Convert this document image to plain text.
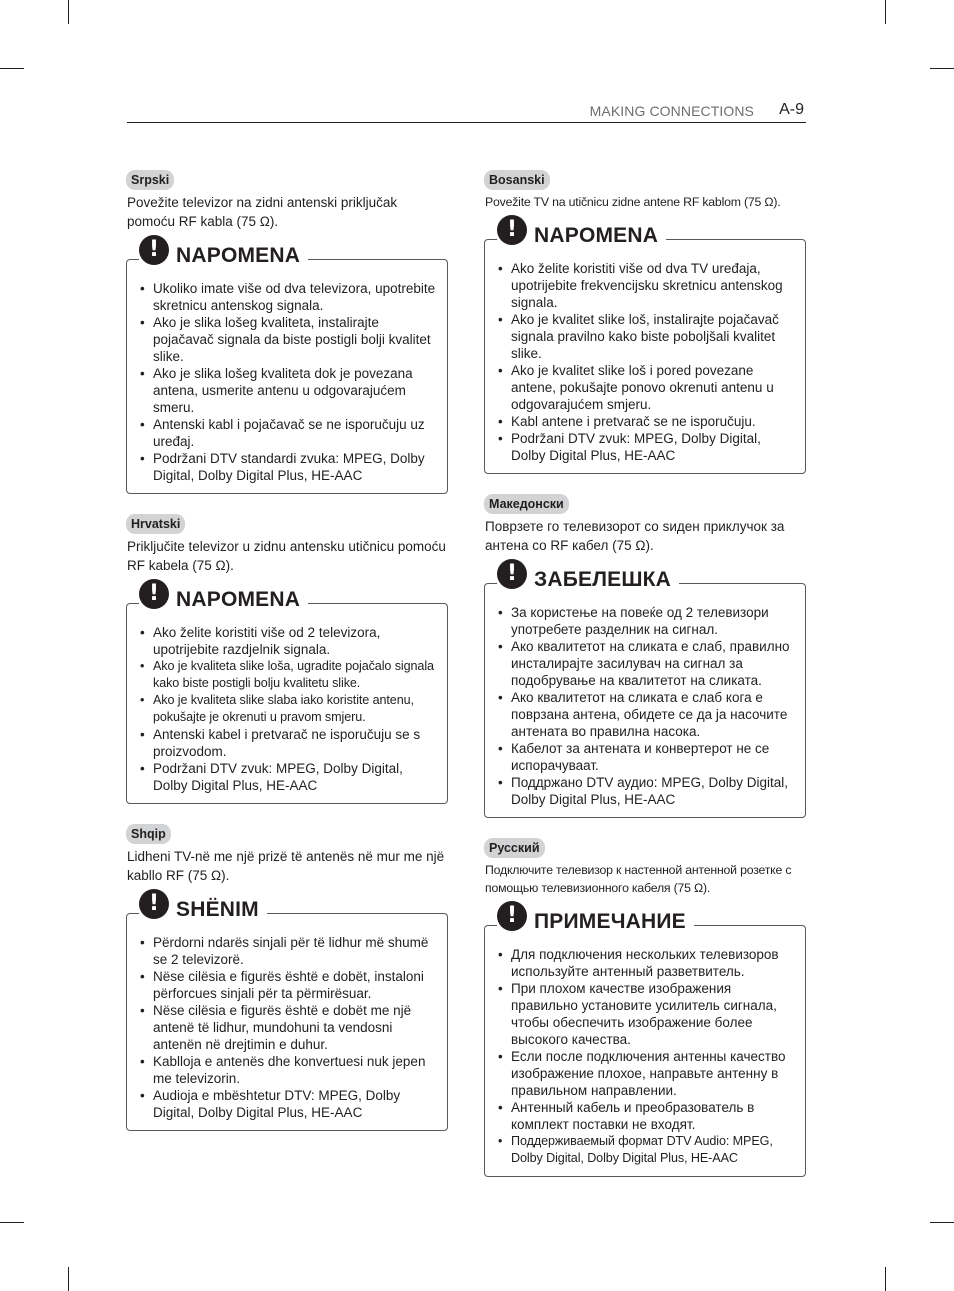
MAKING CONNECTIONS A-9
Srpski
Povežite televizor na zidni antenski priključak pomoću RF kabla (75 Ω).
! NAPOMENA
• Ukoliko imate više od dva televizora, upotrebite skretnicu antenskog signala.
• Ako je slika lošeg kvaliteta, instalirajte pojačavač signala da biste postigli bolji kvalitet slike.
• Ako je slika lošeg kvaliteta dok je povezana antena, usmerite antenu u odgovarajućem smeru.
• Antenski kabl i pojačavač se ne isporučuju uz uređaj.
• Podržani DTV standardi zvuka: MPEG, Dolby Digital, Dolby Digital Plus, HE-AAC
Hrvatski
Priključite televizor u zidnu antensku utičnicu pomoću RF kabela (75 Ω).
! NAPOMENA
• Ako želite koristiti više od 2 televizora, upotrijebite razdjelnik signala.
• Ako je kvaliteta slike loša, ugradite pojačalo signala kako biste postigli bolju kvalitetu slike.
• Ako je kvaliteta slike slaba iako koristite antenu, pokušajte je okrenuti u pravom smjeru.
• Antenski kabel i pretvarač ne isporučuju se s proizvodom.
• Podržani DTV zvuk: MPEG, Dolby Digital, Dolby Digital Plus, HE-AAC
Shqip
Lidheni TV-në me një prizë të antenës në mur me një kabllo RF (75 Ω).
! SHËNIM
• Përdorni ndarës sinjali për të lidhur më shumë se 2 televizorë.
• Nëse cilësia e figurës është e dobët, instaloni përforcues sinjali për ta përmirësuar.
• Nëse cilësia e figurës është e dobët me një antenë të lidhur, mundohuni ta vendosni antenën në drejtimin e duhur.
• Kabllоja e antenës dhe konvertuesi nuk jepen me televizorin.
• Audioja e mbështetur DTV: MPEG, Dolby Digital, Dolby Digital Plus, HE-AAC
Bosanski
Povežite TV na utičnicu zidne antene RF kablom (75 Ω).
! NAPOMENA
• Ako želite koristiti više od dva TV uređaja, upotrijebite frekvencijsku skretnicu antenskog signala.
• Ako je kvalitet slike loš, instalirajte pojačavač signala pravilno kako biste poboljšali kvalitet slike.
• Ako je kvalitet slike loš i pored povezane antene, pokušajte ponovo okrenuti antenu u odgovarajućem smjeru.
• Kabl antene i pretvarač se ne isporučuju.
• Podržani DTV zvuk: MPEG, Dolby Digital, Dolby Digital Plus, HE-AAC
Македонски
Поврзете го телевизорот со ѕиден приклучок за антена со RF кабел (75 Ω).
! ЗАБЕЛЕШКА
• За користење на повеќе од 2 телевизори употребете разделник на сигнал.
• Ако квалитетот на сликата е слаб, правилно инсталирајте засилувач на сигнал за подобрување на квалитетот на сликата.
• Ако квалитетот на сликата е слаб кога е поврзана антена, обидете се да ја насочите антената во правилна насока.
• Кабелот за антената и конвертерот не се испорачуваат.
• Поддржано DTV аудио: MPEG, Dolby Digital, Dolby Digital Plus, HE-AAC
Русский
Подключите телевизор к настенной антенной розетке с помощью телевизионного кабеля (75 Ω).
! ПРИМЕЧАНИЕ
• Для подключения нескольких телевизоров используйте антенный разветвитель.
• При плохом качестве изображения правильно установите усилитель сигнала, чтобы обеспечить изображение более высокого качества.
• Если после подключения антенны качество изображение плохое, направьте антенну в правильном направлении.
• Антенный кабель и преобразователь в комплект поставки не входят.
• Поддерживаемый формат DTV Audio: MPEG, Dolby Digital, Dolby Digital Plus, HE-AAC
